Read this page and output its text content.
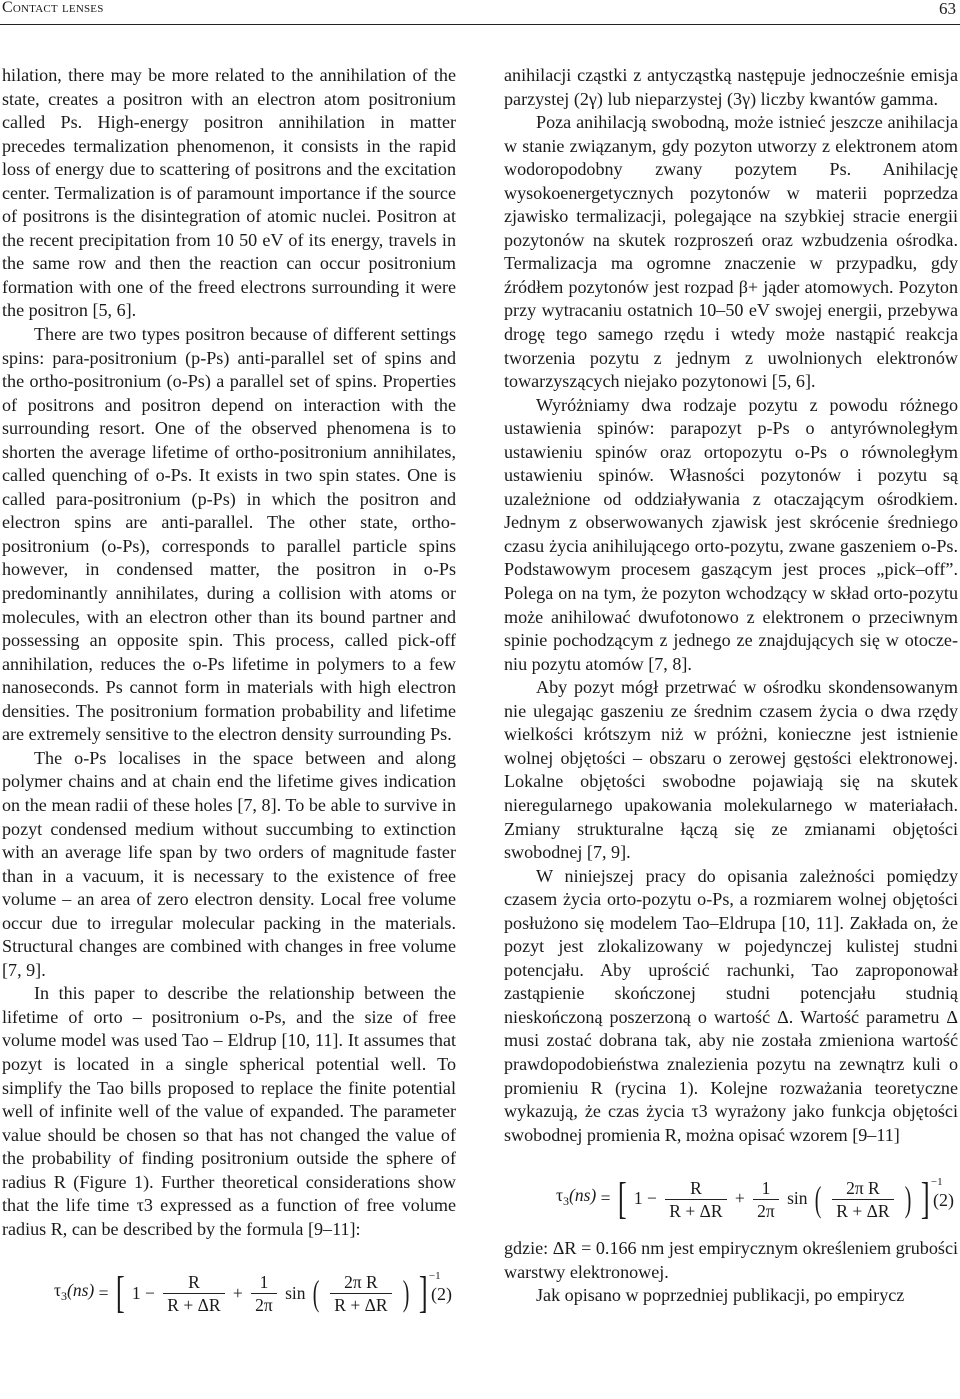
Contact lenses	63

hilation, there may be more related to the annihilation of the state, creates a positron with an electron atom positronium called Ps. High-energy positron annihilation in matter precedes termalization phenomenon, it consists in the rapid loss of energy due to scattering of positrons and the excitation center. Termalization is of paramount importance if the source of positrons is the disintegration of atomic nuclei. Positron at the recent precipitation from 10 50 eV of its energy, travels in the same row and then the reaction can occur positronium formation with one of the freed electrons surrounding it were the positron [5, 6].

There are two types positron because of different settings spins: para-positronium (p-Ps) anti-parallel set of spins and the ortho-positronium (o-Ps) a parallel set of spins. Properties of positrons and positron depend on interaction with the surrounding resort. One of the observed phenomena is to shorten the average lifetime of ortho-positronium annihilates, called quenching of o-Ps. It exists in two spin states. One is called para-positronium (p-Ps) in which the positron and electron spins are anti-parallel. The other state, ortho-positronium (o-Ps), corresponds to parallel particle spins however, in condensed matter, the positron in o-Ps predominantly annihilates, during a collision with atoms or molecules, with an electron other than its bound partner and possessing an opposite spin. This process, called pick-off annihilation, reduces the o-Ps lifetime in polymers to a few nanoseconds. Ps cannot form in materials with high electron densities. The positronium formation probability and lifetime are extremely sensitive to the electron density surrounding Ps.

The o-Ps localises in the space between and along polymer chains and at chain end the lifetime gives indication on the mean radii of these holes [7, 8]. To be able to survive in pozyt condensed medium without succumbing to extinction with an average life span by two orders of magnitude faster than in a vacuum, it is necessary to the existence of free volume – an area of zero electron density. Local free volume occur due to irregular molecular packing in the materials. Structural changes are combined with changes in free volume [7, 9].

In this paper to describe the relationship between the lifetime of orto – positronium o-Ps, and the size of free volume model was used Tao – Eldrup [10, 11]. It assumes that pozyt is located in a single spherical potential well. To simplify the Tao bills proposed to replace the finite potential well of infinite well of the value of expanded. The parameter value should be chosen so that has not changed the value of the probability of finding positronium outside the sphere of radius R (Figure 1). Further theoretical considerations show that the life time τ3 expressed as a function of free volume radius R, can be described by the formula [9–11]:

$\tau_3(ns)$ = [ $1 - \frac{R}{R + \Delta R} + \frac{1}{2\pi}$ sin ( $\frac{\text{2π R}}{R + \Delta R}$ ) ]$^{-1}$
(2)

anihilacji cząstki z antycząstką następuje jednocześnie emisja parzystej (2γ) lub nieparzystej (3γ) liczby kwantów gamma.

Poza anihilacją swobodną, może istnieć jeszcze anihilacja w stanie związanym, gdy pozyton utworzy z elektronem atom wodoropodobny zwany pozytem Ps. Anihilację wysokoenergetycznych pozytonów w materii poprzedza zjawisko termalizacji, polegające na szybkiej stracie energii pozytonów na skutek rozproszeń oraz wzbudzenia ośrodka. Termalizacja ma ogromne znaczenie w przypadku, gdy źródłem pozytonów jest rozpad β+ jąder atomowych. Pozyton przy wytracaniu ostatnich 10–50 eV swojej energii, przebywa drogę tego samego rzędu i wtedy może nastąpić reakcja tworzenia pozytu z jednym z uwolnionych elektronów towarzyszących niejako pozytonowi [5, 6].

Wyróżniamy dwa rodzaje pozytu z powodu różnego ustawienia spinów: parapozyt p-Ps o antyrównoległym ustawieniu spinów oraz ortopozytu o-Ps o równoległym ustawieniu spinów. Własności pozytonów i pozytu są uzależnione od oddziaływania z otaczającym ośrodkiem. Jednym z obserwowanych zjawisk jest skrócenie średniego czasu życia anihilującego orto-pozytu, zwane gaszeniem o-Ps. Podstawowym procesem gaszącym jest proces „pick–off”. Polega on na tym, że pozyton wchodzący w skład orto-pozytu może anihilować dwufotonowo z elektronem o przeciwnym spinie pochodzącym z jednego ze znajdujących się w otoczeniu pozytu atomów [7, 8].

Aby pozyt mógł przetrwać w ośrodku skondensowanym nie ulegając gaszeniu ze średnim czasem życia o dwa rzędy wielkości krótszym niż w próżni, konieczne jest istnienie wolnej objętości – obszaru o zerowej gęstości elektronowej. Lokalne objętości swobodne pojawiają się na skutek nieregularnego upakowania molekularnego w materiałach. Zmiany strukturalne łączą się ze zmianami objętości swobodnej [7, 9].

W niniejszej pracy do opisania zależności pomiędzy czasem życia orto-pozytu o-Ps, a rozmiarem wolnej objętości posłużono się modelem Tao–Eldrupa [10, 11]. Zakłada on, że pozyt jest zlokalizowany w pojedynczej kulistej studni potencjału. Aby uprościć rachunki, Tao zaproponował zastąpienie skończonej studni potencjału studnią nieskończoną poszerzoną o wartość Δ. Wartość parametru Δ musi zostać dobrana tak, aby nie została zmieniona wartość prawdopodobieństwa znalezienia pozytu na zewnątrz kuli o promieniu R (rycina 1). Kolejne rozważania teoretyczne wykazują, że czas życia τ3 wyrażony jako funkcja objętości swobodnej promienia R, można opisać wzorem [9–11]

$\tau_3(ns)$ = [ $1 - \frac{R}{R + \Delta R} + \frac{1}{2\pi}$ sin ( $\frac{\text{2π R}}{R + \Delta R}$ ) ]$^{-1}$
(2)

gdzie: ΔR = 0.166 nm jest empirycznym określeniem grubości warstwy elektronowej.

Jak opisano w poprzedniej publikacji, po empirycz
